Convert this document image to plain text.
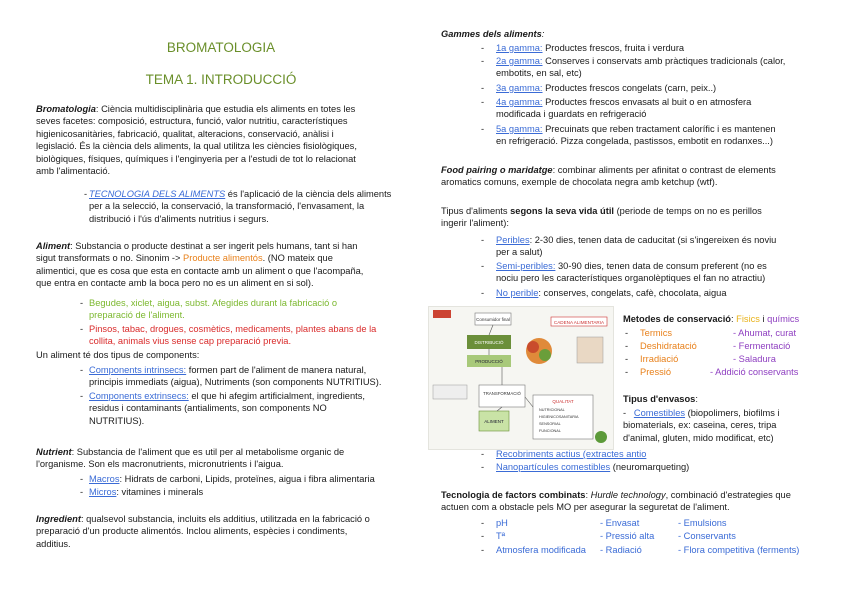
BROMATOLOGIA
TEMA 1. INTRODUCCIÓ
Bromatologia: Ciència multidisciplinària que estudia els aliments en totes les
seves facetes: composició, estructura, funció, valor nutritiu, característiques
higienicosanitàries, fabricació, qualitat, alteracions, conservació, anàlisi i
legislació. És la ciència dels aliments, la qual utilitza les ciències fisiològiques,
biològiques, físiques, químiques i l'enginyeria per a l'estudi de tot lo relacionat
amb l'alimentació.
- TECNOLOGIA DELS ALIMENTS és l'aplicació de la ciència dels aliments
per a la selecció, la conservació, la transformació, l'envasament, la
distribució i l'ús d'aliments nutritius i segurs.
Aliment: Substancia o producte destinat a ser ingerit pels humans, tant si han
sigut transformats o no. Sinonim -> Producte alimentós. (NO mateix que
alimentici, que es cosa que esta en contacte amb un aliment o que l'acompaña,
que entra en contacte amb la boca pero no es un aliment en si sol).
- Begudes, xiclet, aigua, subst. Afegides durant la fabricació o
preparació de l'aliment.
- Pinsos, tabac, drogues, cosmètics, medicaments, plantes abans de la
collita, animals vius sense cap preparació previa.
Un aliment té dos tipus de components:
- Components intrinsecs: formen part de l'aliment de manera natural,
principis immediats (aigua), Nutriments (son components NUTRITIUS).
- Components extrinsecs: el que hi afegim artificialment, ingredients,
residus i contaminants (antialiments, son components NO
NUTRITIUS).
Nutrient: Substancia de l'aliment que es util per al metabolisme organic de
l'organisme. Son els macronutrients, micronutrients i l'aigua.
- Macros: Hidrats de carboni, Lipids, proteïnes, aigua i fibra alimentaria
- Micros: vitamines i minerals
Ingredient: qualsevol substancia, incluits els additius, utilitzada en la fabricació o
preparació d'un producte alimentós. Inclou aliments, espècies i condiments,
additius.
Gammes dels aliments:
- 1a gamma: Productes frescos, fruita i verdura
- 2a gamma: Conserves i conservats amb pràctiques tradicionals (calor,
embotits, en sal, etc)
- 3a gamma: Productes frescos congelats (carn, peix..)
- 4a gamma: Productes frescos envasats al buit o en atmosfera
modificada i guardats en refrigeració
- 5a gamma: Precuinats que reben tractament calorífic i es mantenen
en refrigeració. Pizza congelada, pastissos, embotit en rodanxes...)
Food pairing o maridatge: combinar aliments per afinitat o contrast de elements
aromatics comuns, exemple de chocolata negra amb ketchup (wtf).
Tipus d'aliments segons la seva vida útil (periode de temps on no es perillos
ingerir l'aliment):
- Peribles: 2-30 dies, tenen data de caducitat (si s'ingereixen és noviu
per a salut)
- Semi-peribles: 30-90 dies, tenen data de consum preferent (no es
nociu pero les característiques organolèptiques el fan no atractiu)
- No perible: conserves, congelats, cafè, chocolata, aigua
Consumidor final
DISTRIBUCIÓ
PRODUCCIÓ
CADENA ALIMENTARIA
TRANSFORMACIÓ
ALIMENT
QUALITAT
NUTRICIONAL
HIGIENICOSANITARIA
SENSORIAL
FUNCIONAL
Metodes de conservació: Fisics i químics
- Termics	- Ahumat, curat
- Deshidratació	- Fermentació
- Irradiació	- Saladura
- Pressió	- Addició conservants
Tipus d'envasos:
- Comestibles (biopolimers, biofilms i
biomaterials, ex: caseina, ceres, tripa
d'animal, gluten, mido modificat, etc)
- Recobriments actius (extractes antio
- Nanopartícules comestibles (neuromarqueting)
Tecnologia de factors combinats: Hurdle technology, combinació d'estrategies que
actuen com a obstacle pels MO per asegurar la seguretat de l'aliment.
- pH	- Envasat	- Emulsions
- Tª	- Pressió alta	- Conservants
- Atmosfera modificada - Radiació	- Flora competitiva (ferments)
